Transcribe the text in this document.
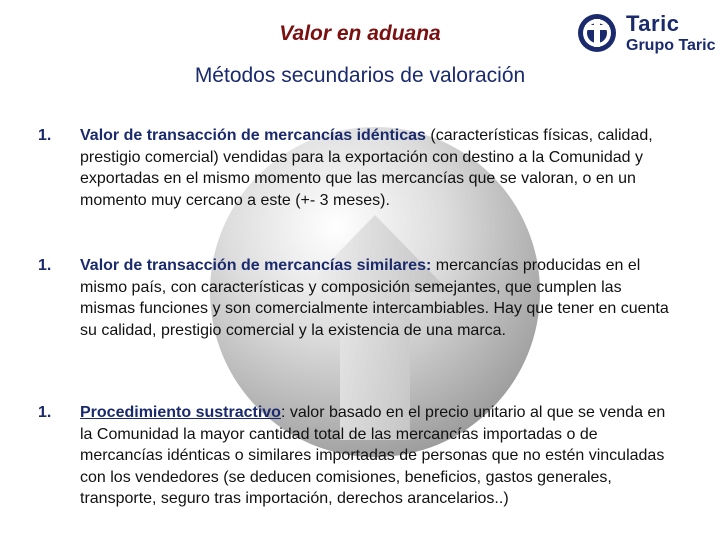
Valor en aduana
Métodos secundarios de valoración
Taric
Grupo Taric
1. Valor de transacción de mercancías idénticas (características físicas, calidad, prestigio comercial) vendidas para la exportación con destino a la Comunidad y exportadas en el mismo momento que las mercancías que se valoran, o en un momento muy cercano a este (+- 3 meses).

1. Valor de transacción de mercancías similares: mercancías producidas en el mismo país, con características y composición semejantes, que cumplen las mismas funciones y son comercialmente intercambiables. Hay que tener en cuenta su calidad, prestigio comercial y la existencia de una marca.

1. Procedimiento sustractivo: valor basado en el precio unitario al que se venda en la Comunidad la mayor cantidad total de las mercancías importadas o de mercancías idénticas o similares importadas de personas que no estén vinculadas con los vendedores (se deducen comisiones, beneficios, gastos generales, transporte, seguro tras importación, derechos arancelarios..)
